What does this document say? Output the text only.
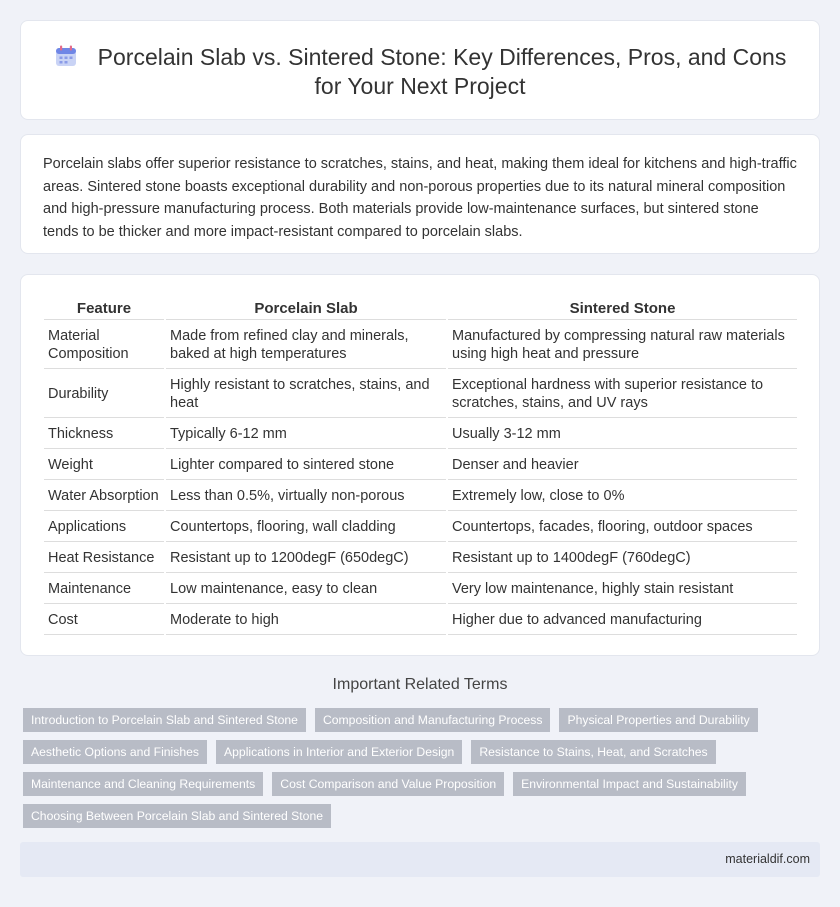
Porcelain Slab vs. Sintered Stone: Key Differences, Pros, and Cons for Your Next Project

Porcelain slabs offer superior resistance to scratches, stains, and heat, making them ideal for kitchens and high-traffic areas. Sintered stone boasts exceptional durability and non-porous properties due to its natural mineral composition and high-pressure manufacturing process. Both materials provide low-maintenance surfaces, but sintered stone tends to be thicker and more impact-resistant compared to porcelain slabs.

Feature	Porcelain Slab	Sintered Stone
Material Composition	Made from refined clay and minerals, baked at high temperatures	Manufactured by compressing natural raw materials using high heat and pressure
Durability	Highly resistant to scratches, stains, and heat	Exceptional hardness with superior resistance to scratches, stains, and UV rays
Thickness	Typically 6-12 mm	Usually 3-12 mm
Weight	Lighter compared to sintered stone	Denser and heavier
Water Absorption	Less than 0.5%, virtually non-porous	Extremely low, close to 0%
Applications	Countertops, flooring, wall cladding	Countertops, facades, flooring, outdoor spaces
Heat Resistance	Resistant up to 1200degF (650degC)	Resistant up to 1400degF (760degC)
Maintenance	Low maintenance, easy to clean	Very low maintenance, highly stain resistant
Cost	Moderate to high	Higher due to advanced manufacturing
Important Related Terms
Introduction to Porcelain Slab and Sintered Stone	Composition and Manufacturing Process	Physical Properties and Durability
Aesthetic Options and Finishes	Applications in Interior and Exterior Design	Resistance to Stains, Heat, and Scratches
Maintenance and Cleaning Requirements	Cost Comparison and Value Proposition	Environmental Impact and Sustainability
Choosing Between Porcelain Slab and Sintered Stone
materialdif.com
